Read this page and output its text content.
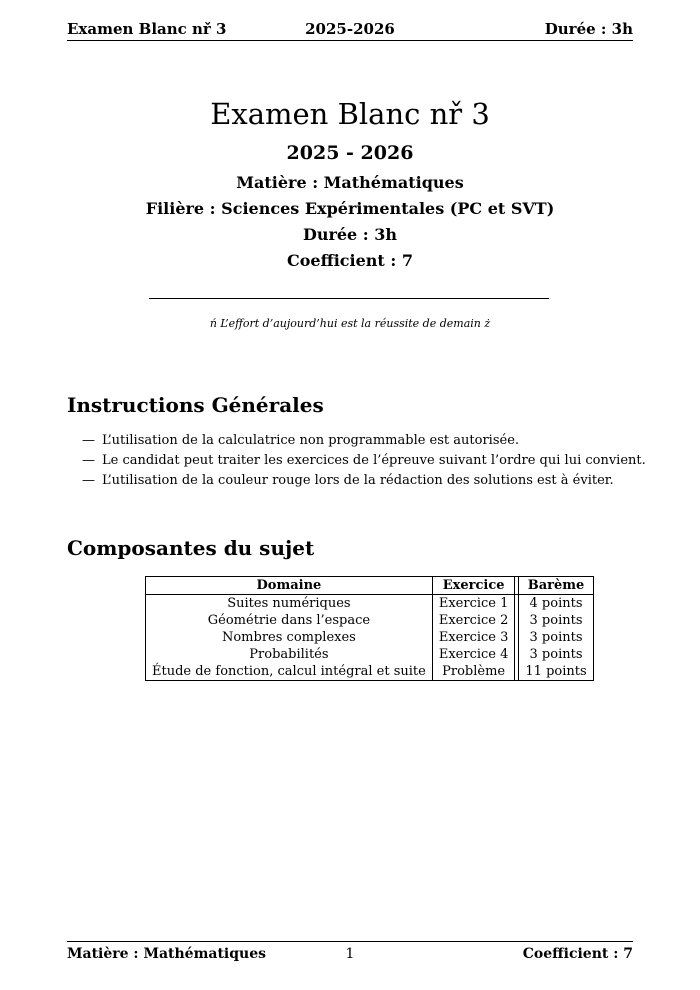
Examen Blanc nř 3	2025-2026	Durée : 3h
Examen Blanc nř 3
2025 - 2026
Matière : Mathématiques
Filière : Sciences Expérimentales (PC et SVT)
Durée : 3h
Coefficient : 7
ń L’effort d’aujourd’hui est la réussite de demain ż
Instructions Générales
— L’utilisation de la calculatrice non programmable est autorisée.
— Le candidat peut traiter les exercices de l’épreuve suivant l’ordre qui lui convient.
— L’utilisation de la couleur rouge lors de la rédaction des solutions est à éviter.
Composantes du sujet
Domaine	Exercice		Barème
Suites numériques	Exercice 1		4 points
Géométrie dans l’espace	Exercice 2		3 points
Nombres complexes	Exercice 3		3 points
Probabilités	Exercice 4		3 points
Étude de fonction, calcul intégral et suite	Problème		11 points
Matière : Mathématiques	1	Coefficient : 7
